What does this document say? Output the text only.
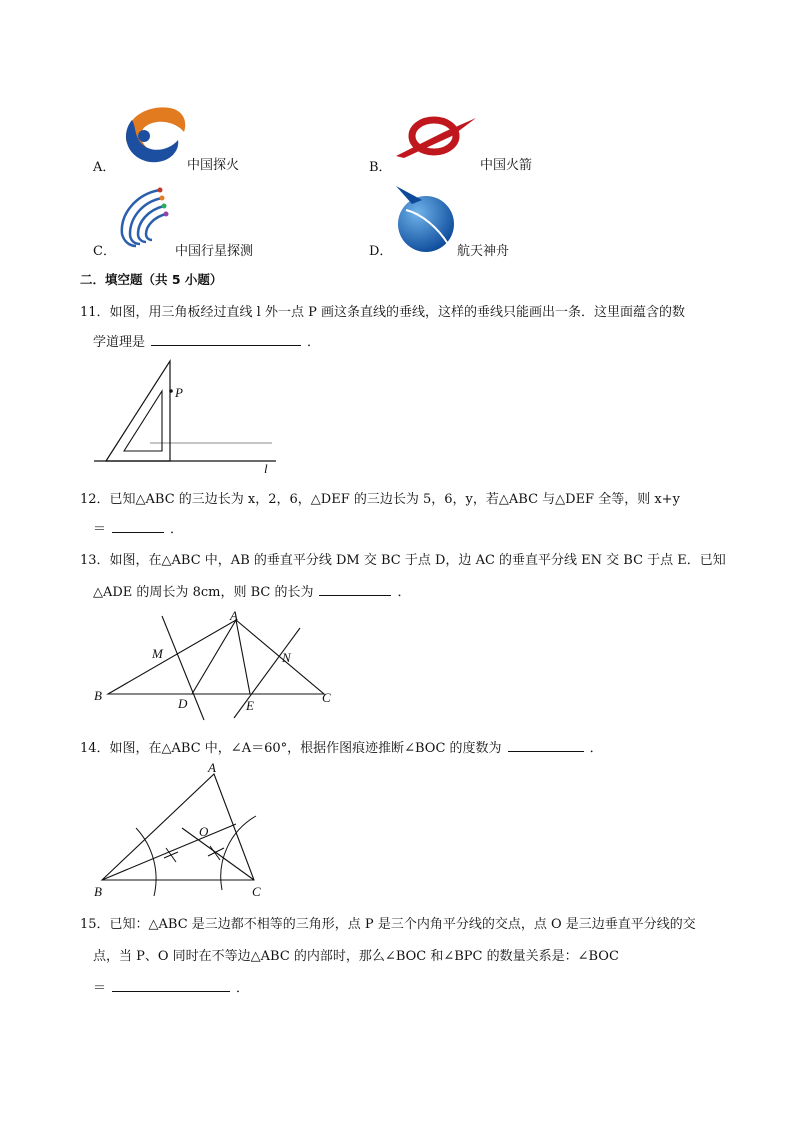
A．	中国探火	B．	中国火箭
C．	中国行星探测	D．	航天神舟
二．填空题（共 5 小题）
11．如图，用三角板经过直线 l 外一点 P 画这条直线的垂线，这样的垂线只能画出一条．这里面蕴含的数
学道理是	．
P
l
12．已知△ABC 的三边长为 x，2，6，△DEF 的三边长为 5，6，y，若△ABC 与△DEF 全等，则 x+y
＝	．
13．如图，在△ABC 中，AB 的垂直平分线 DM 交 BC 于点 D，边 AC 的垂直平分线 EN 交 BC 于点 E．已知
△ADE 的周长为 8cm，则 BC 的长为	．
A
B	C
D	E
M	N
14．如图，在△ABC 中，∠A＝60°，根据作图痕迹推断∠BOC 的度数为	．
A
B	C
O
15．已知：△ABC 是三边都不相等的三角形，点 P 是三个内角平分线的交点，点 O 是三边垂直平分线的交
点，当 P、O 同时在不等边△ABC 的内部时，那么∠BOC 和∠BPC 的数量关系是：∠BOC
＝	．
